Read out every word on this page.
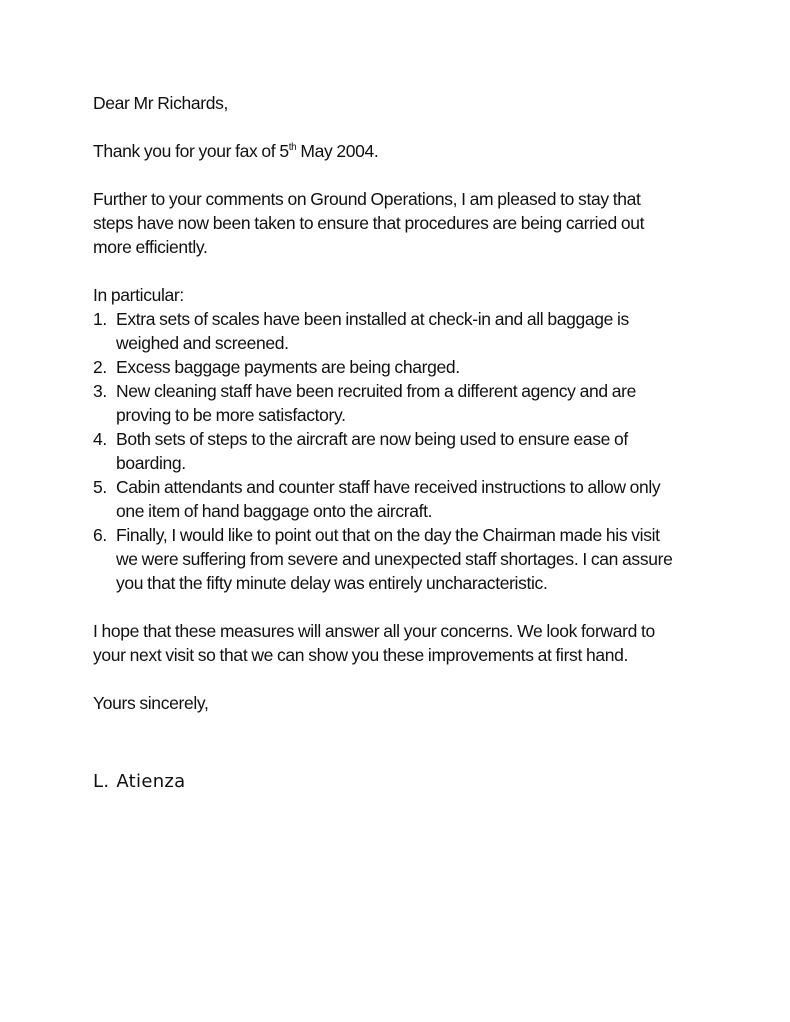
Dear Mr Richards,

Thank you for your fax of 5th May 2004.

Further to your comments on Ground Operations, I am pleased to stay that

steps have now been taken to ensure that procedures are being carried out

more efficiently.

In particular:

1. Extra sets of scales have been installed at check-in and all baggage is
weighed and screened.
2. Excess baggage payments are being charged.
3. New cleaning staff have been recruited from a different agency and are
proving to be more satisfactory.
4. Both sets of steps to the aircraft are now being used to ensure ease of
boarding.
5. Cabin attendants and counter staff have received instructions to allow only
one item of hand baggage onto the aircraft.
6. Finally, I would like to point out that on the day the Chairman made his visit
we were suffering from severe and unexpected staff shortages. I can assure
you that the fifty minute delay was entirely uncharacteristic.

I hope that these measures will answer all your concerns. We look forward to

your next visit so that we can show you these improvements at first hand.

Yours sincerely,

L. Atienza
